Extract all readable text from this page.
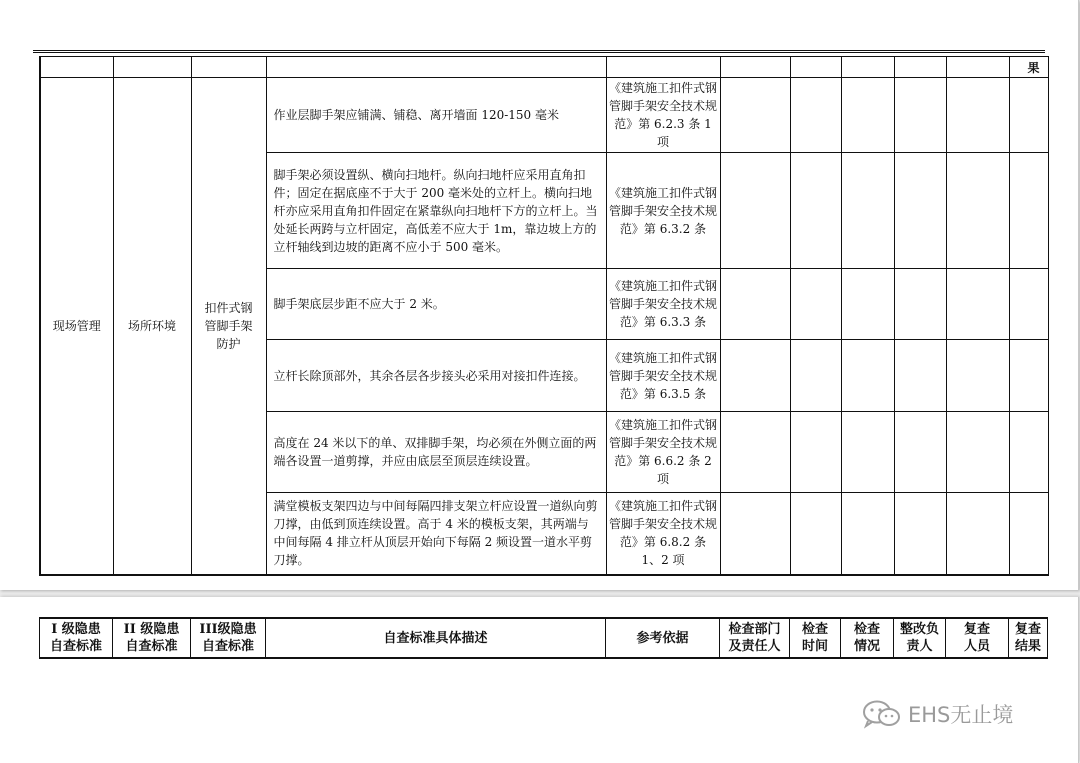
										果
现场管理	场所环境	扣件式钢管脚手架防护	作业层脚手架应铺满、铺稳、离开墙面 120-150 毫米	《建筑施工扣件式钢管脚手架安全技术规范》第 6.2.3 条 1 项						
			脚手架必须设置纵、横向扫地杆。纵向扫地杆应采用直角扣件；固定在据底座不于大于 200 毫米处的立杆上。横向扫地杆亦应采用直角扣件固定在紧靠纵向扫地杆下方的立杆上。当处延长两跨与立杆固定，高低差不应大于 1m，靠边坡上方的立杆轴线到边坡的距离不应小于 500 毫米。	《建筑施工扣件式钢管脚手架安全技术规范》第 6.3.2 条						
			脚手架底层步距不应大于 2 米。	《建筑施工扣件式钢管脚手架安全技术规范》第 6.3.3 条						
			立杆长除顶部外，其余各层各步接头必采用对接扣件连接。	《建筑施工扣件式钢管脚手架安全技术规范》第 6.3.5 条						
			高度在 24 米以下的单、双排脚手架，均必须在外侧立面的两端各设置一道剪撑，并应由底层至顶层连续设置。	《建筑施工扣件式钢管脚手架安全技术规范》第 6.6.2 条 2 项						
			满堂模板支架四边与中间每隔四排支架立杆应设置一道纵向剪刀撑，由低到顶连续设置。高于 4 米的模板支架，其两端与中间每隔 4 排立杆从顶层开始向下每隔 2 频设置一道水平剪刀撑。	《建筑施工扣件式钢管脚手架安全技术规范》第 6.8.2 条 1、2 项						
I 级隐患自查标准	II 级隐患自查标准	III级隐患自查标准	自查标准具体描述	参考依据	检查部门及责任人	检查时间	检查情况	整改负责人	复查人员	复查结果
EHS无止境
